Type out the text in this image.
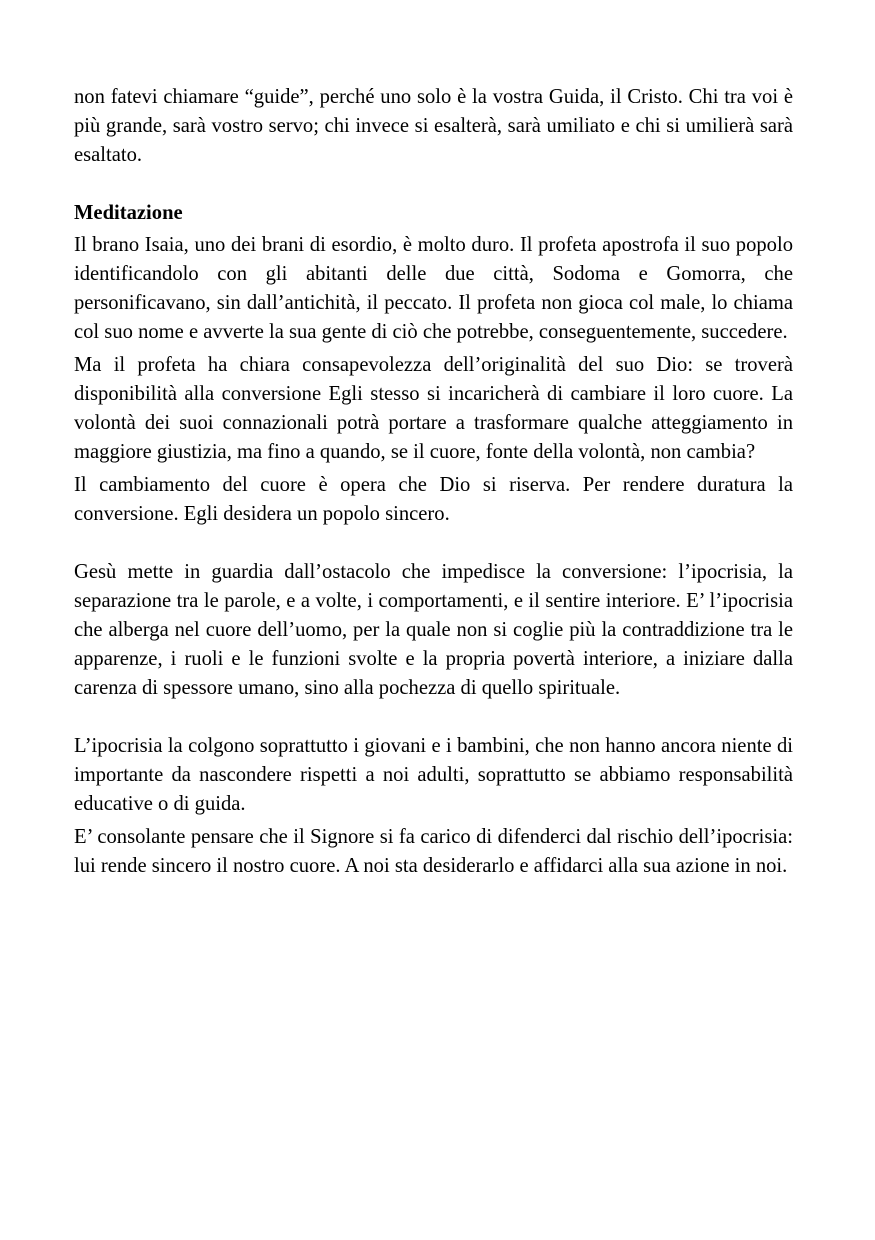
non fatevi chiamare “guide”, perché uno solo è la vostra Guida, il Cristo. Chi tra voi è più grande, sarà vostro servo; chi invece si esalterà, sarà umiliato e chi si umilierà sarà esaltato.

Meditazione

Il brano Isaia, uno dei brani di esordio, è molto duro. Il profeta apostrofa il suo popolo identificandolo con gli abitanti delle due città, Sodoma e Gomorra, che personificavano, sin dall’antichità, il peccato. Il profeta non gioca col male, lo chiama col suo nome e avverte la sua gente di ciò che potrebbe, conseguentemente, succedere.

Ma il profeta ha chiara consapevolezza dell’originalità del suo Dio: se troverà disponibilità alla conversione Egli stesso si incaricherà di cambiare il loro cuore. La volontà dei suoi connazionali potrà portare a trasformare qualche atteggiamento in maggiore giustizia, ma fino a quando, se il cuore, fonte della volontà, non cambia?

Il cambiamento del cuore è opera che Dio si riserva. Per rendere duratura la conversione. Egli desidera un popolo sincero.

Gesù mette in guardia dall’ostacolo che impedisce la conversione: l’ipocrisia, la separazione tra le parole, e a volte, i comportamenti, e il sentire interiore. E’ l’ipocrisia che alberga nel cuore dell’uomo, per la quale non si coglie più la contraddizione tra le apparenze, i ruoli e le funzioni svolte e la propria povertà interiore, a iniziare dalla carenza di spessore umano, sino alla pochezza di quello spirituale.

L’ipocrisia la colgono soprattutto i giovani e i bambini, che non hanno ancora niente di importante da nascondere rispetti a noi adulti, soprattutto se abbiamo responsabilità educative o di guida.

E’ consolante pensare che il Signore si fa carico di difenderci dal rischio dell’ipocrisia: lui rende sincero il nostro cuore. A noi sta desiderarlo e affidarci alla sua azione in noi.
